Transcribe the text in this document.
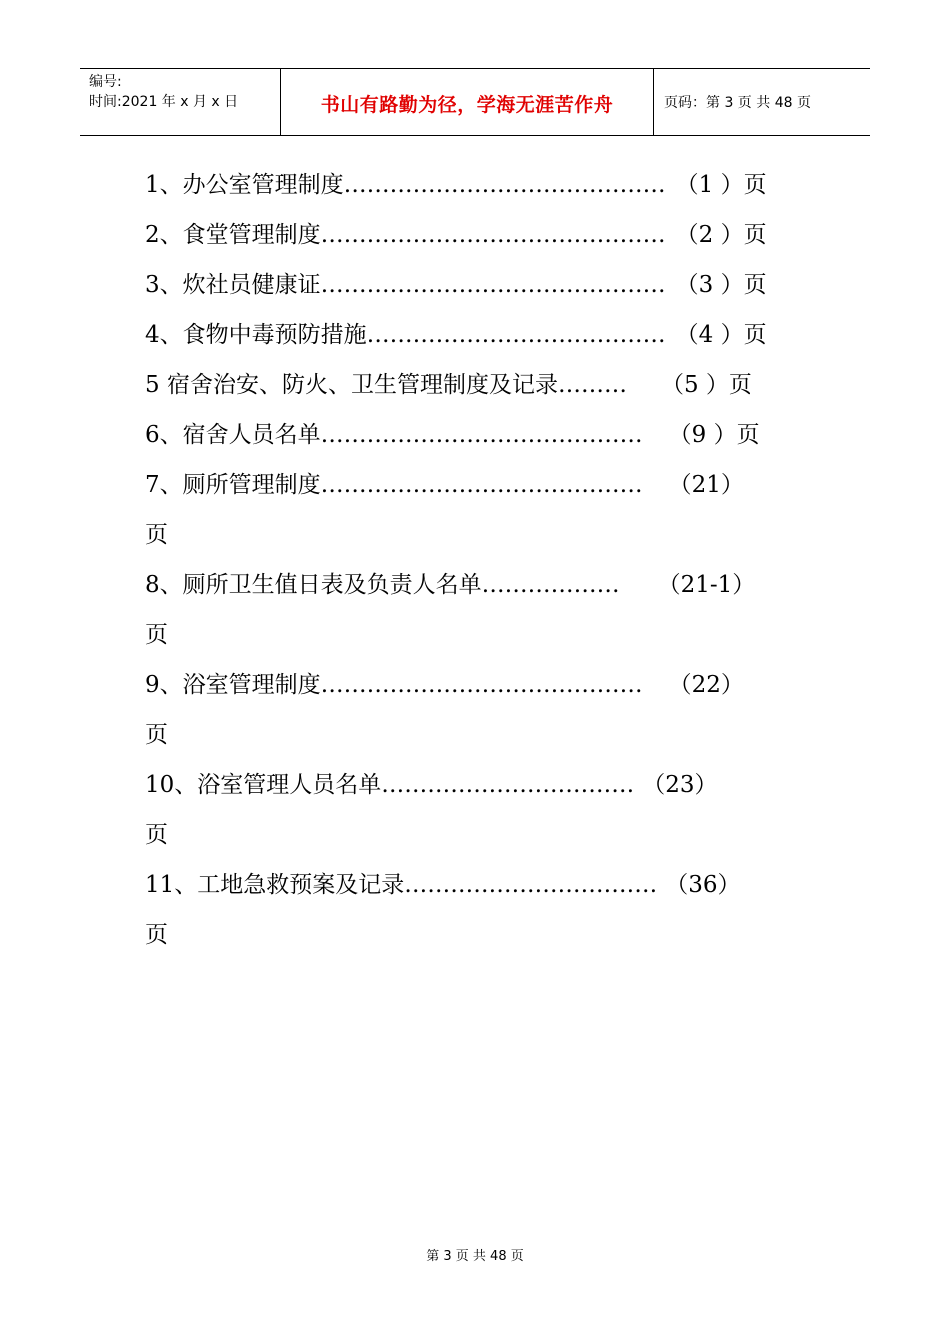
编号:
时间:2021 年 x 月 x 日	书山有路勤为径，学海无涯苦作舟	页码：第 3 页 共 48 页
1、办公室管理制度 …………………………………… （1 ）页
2、食堂管理制度 ……………………………………… （2 ）页
3、炊社员健康证 ……………………………………… （3 ）页
4、食物中毒预防措施 ………………………………… （4 ）页
5 宿舍治安、防火、卫生管理制度及记录 ……… （5 ）页
6、宿舍人员名单 …………………………………… （9 ）页
7、厕所管理制度 …………………………………… （21）
页
8、厕所卫生值日表及负责人名单 ……………… （21-1）
页
9、浴室管理制度 …………………………………… （22）
页
10、浴室管理人员名单 …………………………… （23）
页
11、工地急救预案及记录 …………………………… （36）
页
第 3 页 共 48 页
